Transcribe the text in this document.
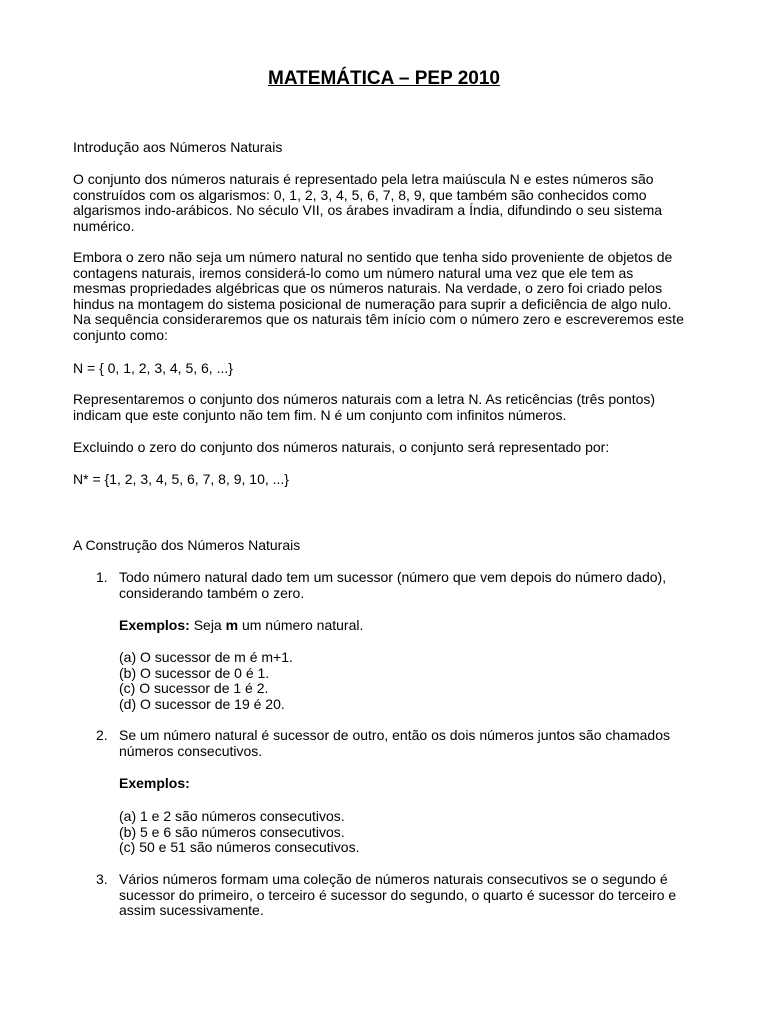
MATEMÁTICA – PEP 2010
Introdução aos Números Naturais
O conjunto dos números naturais é representado pela letra maiúscula N e estes números são
construídos com os algarismos: 0, 1, 2, 3, 4, 5, 6, 7, 8, 9, que também são conhecidos como
algarismos indo-arábicos. No século VII, os árabes invadiram a Índia, difundindo o seu sistema
numérico.
Embora o zero não seja um número natural no sentido que tenha sido proveniente de objetos de
contagens naturais, iremos considerá-lo como um número natural uma vez que ele tem as
mesmas propriedades algébricas que os números naturais. Na verdade, o zero foi criado pelos
hindus na montagem do sistema posicional de numeração para suprir a deficiência de algo nulo.
Na sequência consideraremos que os naturais têm início com o número zero e escreveremos este
conjunto como:
N = { 0, 1, 2, 3, 4, 5, 6, ...}
Representaremos o conjunto dos números naturais com a letra N. As reticências (três pontos)
indicam que este conjunto não tem fim. N é um conjunto com infinitos números.
Excluindo o zero do conjunto dos números naturais, o conjunto será representado por:
N* = {1, 2, 3, 4, 5, 6, 7, 8, 9, 10, ...}
A Construção dos Números Naturais
1. Todo número natural dado tem um sucessor (número que vem depois do número dado),
considerando também o zero.
Exemplos: Seja m um número natural.
(a) O sucessor de m é m+1.
(b) O sucessor de 0 é 1.
(c) O sucessor de 1 é 2.
(d) O sucessor de 19 é 20.
2. Se um número natural é sucessor de outro, então os dois números juntos são chamados
números consecutivos.
Exemplos:
(a) 1 e 2 são números consecutivos.
(b) 5 e 6 são números consecutivos.
(c) 50 e 51 são números consecutivos.
3. Vários números formam uma coleção de números naturais consecutivos se o segundo é
sucessor do primeiro, o terceiro é sucessor do segundo, o quarto é sucessor do terceiro e
assim sucessivamente.
